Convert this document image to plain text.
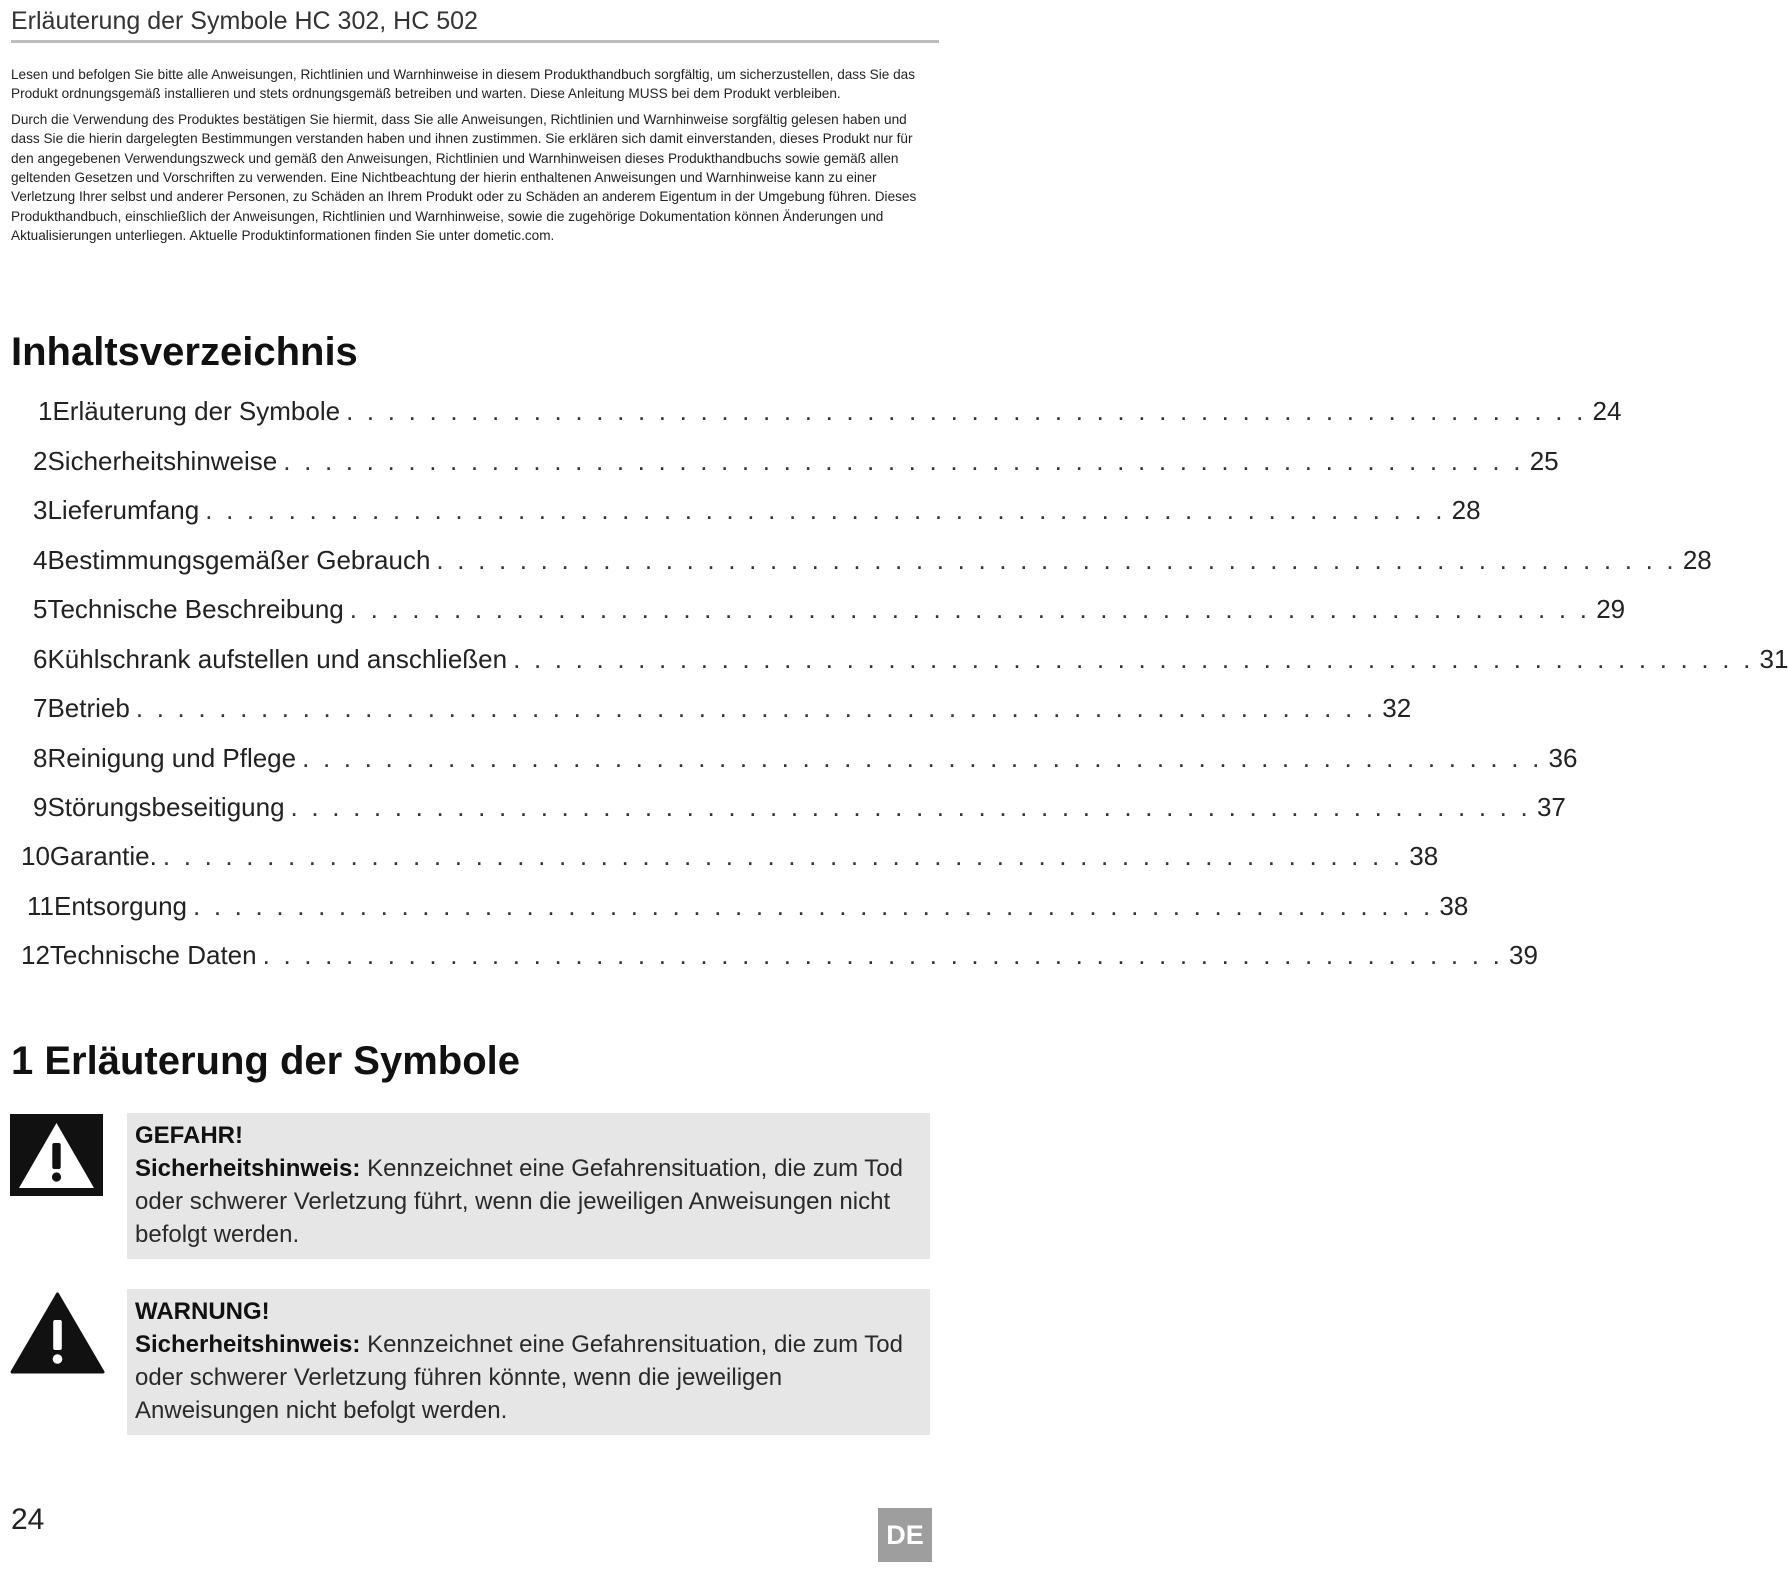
Erläuterung der Symbole HC 302, HC 502

Lesen und befolgen Sie bitte alle Anweisungen, Richtlinien und Warnhinweise in diesem Produkthandbuch sorgfältig, um sicherzustellen, dass Sie das Produkt ordnungsgemäß installieren und stets ordnungsgemäß betreiben und warten. Diese Anleitung MUSS bei dem Produkt verbleiben.

Durch die Verwendung des Produktes bestätigen Sie hiermit, dass Sie alle Anweisungen, Richtlinien und Warnhinweise sorgfältig gelesen haben und dass Sie die hierin dargelegten Bestimmungen verstanden haben und ihnen zustimmen. Sie erklären sich damit einverstanden, dieses Produkt nur für den angegebenen Verwendungszweck und gemäß den Anweisungen, Richtlinien und Warnhinweisen dieses Produkthandbuchs sowie gemäß allen geltenden Gesetzen und Vorschriften zu verwenden. Eine Nichtbeachtung der hierin enthaltenen Anweisungen und Warnhinweise kann zu einer Verletzung Ihrer selbst und anderer Personen, zu Schäden an Ihrem Produkt oder zu Schäden an anderem Eigentum in der Umgebung führen. Dieses Produkthandbuch, einschließlich der Anweisungen, Richtlinien und Warnhinweise, sowie die zugehörige Dokumentation können Änderungen und Aktualisierungen unterliegen. Aktuelle Produktinformationen finden Sie unter dometic.com.

Inhaltsverzeichnis
1 Erläuterung der Symbole . . . . . . . . . . . . . . . . . . . . . . . . . . . . . . . . . . . . . . . . . . . . . . . . . . . . . . . . . . . . 24
2 Sicherheitshinweise . . . . . . . . . . . . . . . . . . . . . . . . . . . . . . . . . . . . . . . . . . . . . . . . . . . . . . . . . . . . 25
3 Lieferumfang . . . . . . . . . . . . . . . . . . . . . . . . . . . . . . . . . . . . . . . . . . . . . . . . . . . . . . . . . . . . 28
4 Bestimmungsgemäßer Gebrauch . . . . . . . . . . . . . . . . . . . . . . . . . . . . . . . . . . . . . . . . . . . . . . . . . . . . . . . . . . . . 28
5 Technische Beschreibung . . . . . . . . . . . . . . . . . . . . . . . . . . . . . . . . . . . . . . . . . . . . . . . . . . . . . . . . . . . . 29
6 Kühlschrank aufstellen und anschließen . . . . . . . . . . . . . . . . . . . . . . . . . . . . . . . . . . . . . . . . . . . . . . . . . . . . . . . . . . . . 31
7 Betrieb . . . . . . . . . . . . . . . . . . . . . . . . . . . . . . . . . . . . . . . . . . . . . . . . . . . . . . . . . . . . 32
8 Reinigung und Pflege . . . . . . . . . . . . . . . . . . . . . . . . . . . . . . . . . . . . . . . . . . . . . . . . . . . . . . . . . . . . 36
9 Störungsbeseitigung . . . . . . . . . . . . . . . . . . . . . . . . . . . . . . . . . . . . . . . . . . . . . . . . . . . . . . . . . . . . 37
10 Garantie. . . . . . . . . . . . . . . . . . . . . . . . . . . . . . . . . . . . . . . . . . . . . . . . . . . . . . . . . . . . . 38
11 Entsorgung . . . . . . . . . . . . . . . . . . . . . . . . . . . . . . . . . . . . . . . . . . . . . . . . . . . . . . . . . . . . 38
12 Technische Daten . . . . . . . . . . . . . . . . . . . . . . . . . . . . . . . . . . . . . . . . . . . . . . . . . . . . . . . . . . . . 39
1 Erläuterung der Symbole
GEFAHR!
Sicherheitshinweis: Kennzeichnet eine Gefahrensituation, die zum Tod oder schwerer Verletzung führt, wenn die jeweiligen Anweisungen nicht befolgt werden.
WARNUNG!
Sicherheitshinweis: Kennzeichnet eine Gefahrensituation, die zum Tod oder schwerer Verletzung führen könnte, wenn die jeweiligen Anweisungen nicht befolgt werden.
24	DE
